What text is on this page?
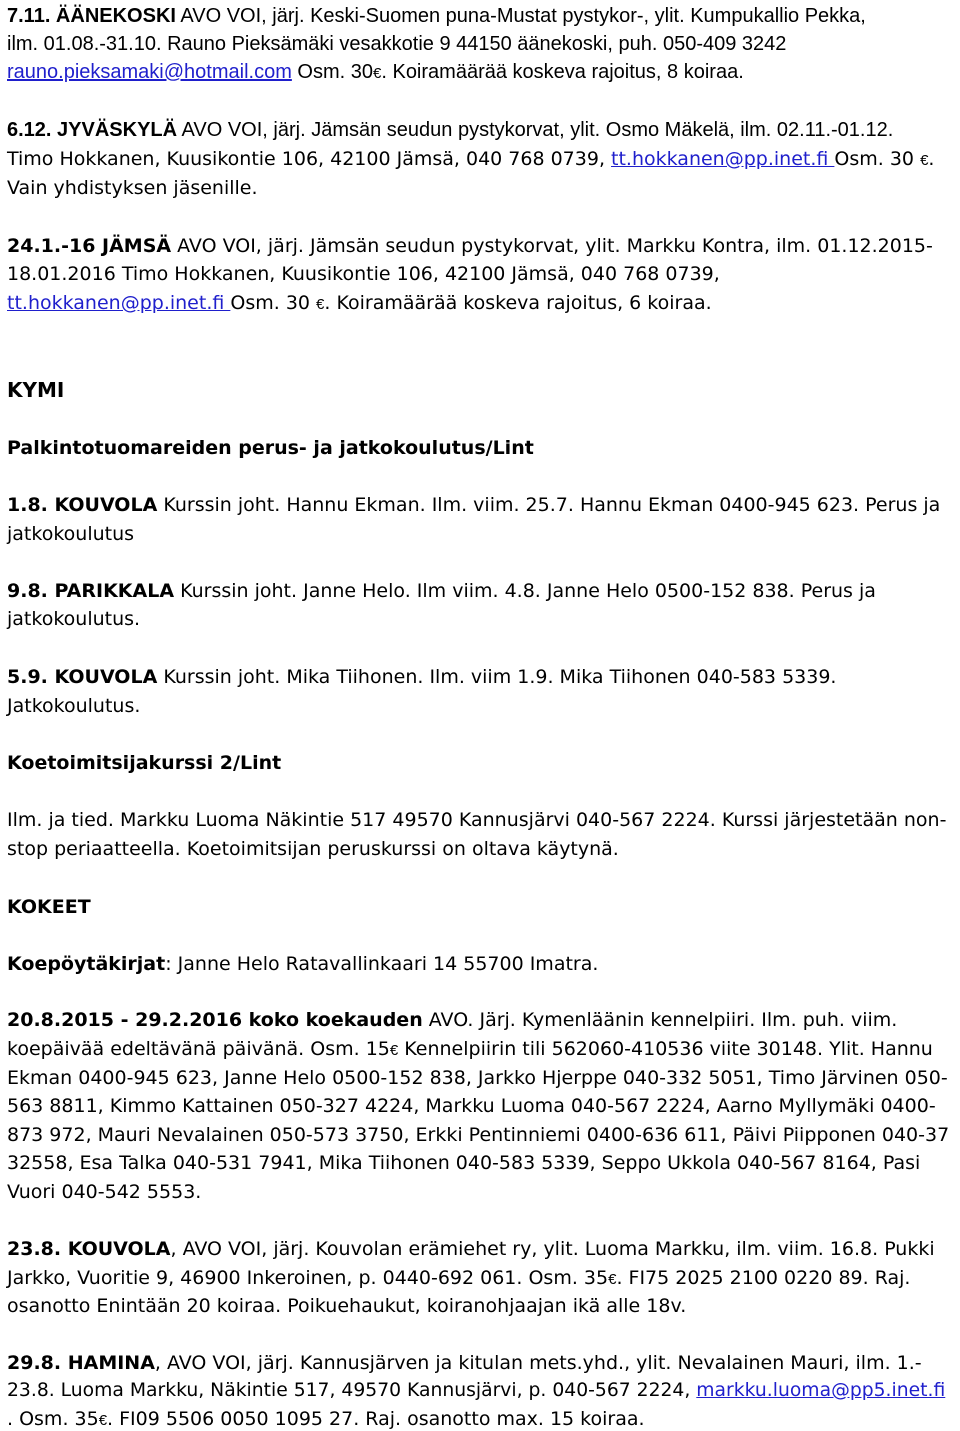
7.11. ÄÄNEKOSKI AVO VOI, järj. Keski-Suomen puna-Mustat pystykor-, ylit. Kumpukallio Pekka,
ilm. 01.08.-31.10. Rauno Pieksämäki vesakkotie 9 44150 äänekoski, puh. 050-409 3242
rauno.pieksamaki@hotmail.com Osm. 30€. Koiramäärää koskeva rajoitus, 8 koiraa.
6.12. JYVÄSKYLÄ AVO VOI, järj. Jämsän seudun pystykorvat, ylit. Osmo Mäkelä, ilm. 02.11.-01.12.
Timo Hokkanen, Kuusikontie 106, 42100 Jämsä, 040 768 0739, tt.hokkanen@pp.inet.fi Osm. 30 €.
Vain yhdistyksen jäsenille.
24.1.-16 JÄMSÄ AVO VOI, järj. Jämsän seudun pystykorvat, ylit. Markku Kontra, ilm. 01.12.2015-
18.01.2016 Timo Hokkanen, Kuusikontie 106, 42100 Jämsä, 040 768 0739,
tt.hokkanen@pp.inet.fi Osm. 30 €. Koiramäärää koskeva rajoitus, 6 koiraa.
KYMI
Palkintotuomareiden perus- ja jatkokoulutus/Lint
1.8. KOUVOLA Kurssin joht. Hannu Ekman. Ilm. viim. 25.7. Hannu Ekman 0400-945 623. Perus ja
jatkokoulutus
9.8. PARIKKALA Kurssin joht. Janne Helo. Ilm viim. 4.8. Janne Helo 0500-152 838. Perus ja
jatkokoulutus.
5.9. KOUVOLA Kurssin joht. Mika Tiihonen. Ilm. viim 1.9. Mika Tiihonen 040-583 5339.
Jatkokoulutus.
Koetoimitsijakurssi 2/Lint
Ilm. ja tied. Markku Luoma Näkintie 517 49570 Kannusjärvi 040-567 2224. Kurssi järjestetään non-
stop periaatteella. Koetoimitsijan peruskurssi on oltava käytynä.
KOKEET
Koepöytäkirjat: Janne Helo Ratavallinkaari 14 55700 Imatra.
20.8.2015 - 29.2.2016 koko koekauden AVO. Järj. Kymenläänin kennelpiiri. Ilm. puh. viim.
koepäivää edeltävänä päivänä. Osm. 15€ Kennelpiirin tili 562060-410536 viite 30148. Ylit. Hannu
Ekman 0400-945 623, Janne Helo 0500-152 838, Jarkko Hjerppe 040-332 5051, Timo Järvinen 050-
563 8811, Kimmo Kattainen 050-327 4224, Markku Luoma 040-567 2224, Aarno Myllymäki 0400-
873 972, Mauri Nevalainen 050-573 3750, Erkki Pentinniemi 0400-636 611, Päivi Piipponen 040-37
32558, Esa Talka 040-531 7941, Mika Tiihonen 040-583 5339, Seppo Ukkola 040-567 8164, Pasi
Vuori 040-542 5553.
23.8. KOUVOLA, AVO VOI, järj. Kouvolan erämiehet ry, ylit. Luoma Markku, ilm. viim. 16.8. Pukki
Jarkko, Vuoritie 9, 46900 Inkeroinen, p. 0440-692 061. Osm. 35€. FI75 2025 2100 0220 89. Raj.
osanotto Enintään 20 koiraa. Poikuehaukut, koiranohjaajan ikä alle 18v.
29.8. HAMINA, AVO VOI, järj. Kannusjärven ja kitulan mets.yhd., ylit. Nevalainen Mauri, ilm. 1.-
23.8. Luoma Markku, Näkintie 517, 49570 Kannusjärvi, p. 040-567 2224, markku.luoma@pp5.inet.fi
. Osm. 35€. FI09 5506 0050 1095 27. Raj. osanotto max. 15 koiraa.
